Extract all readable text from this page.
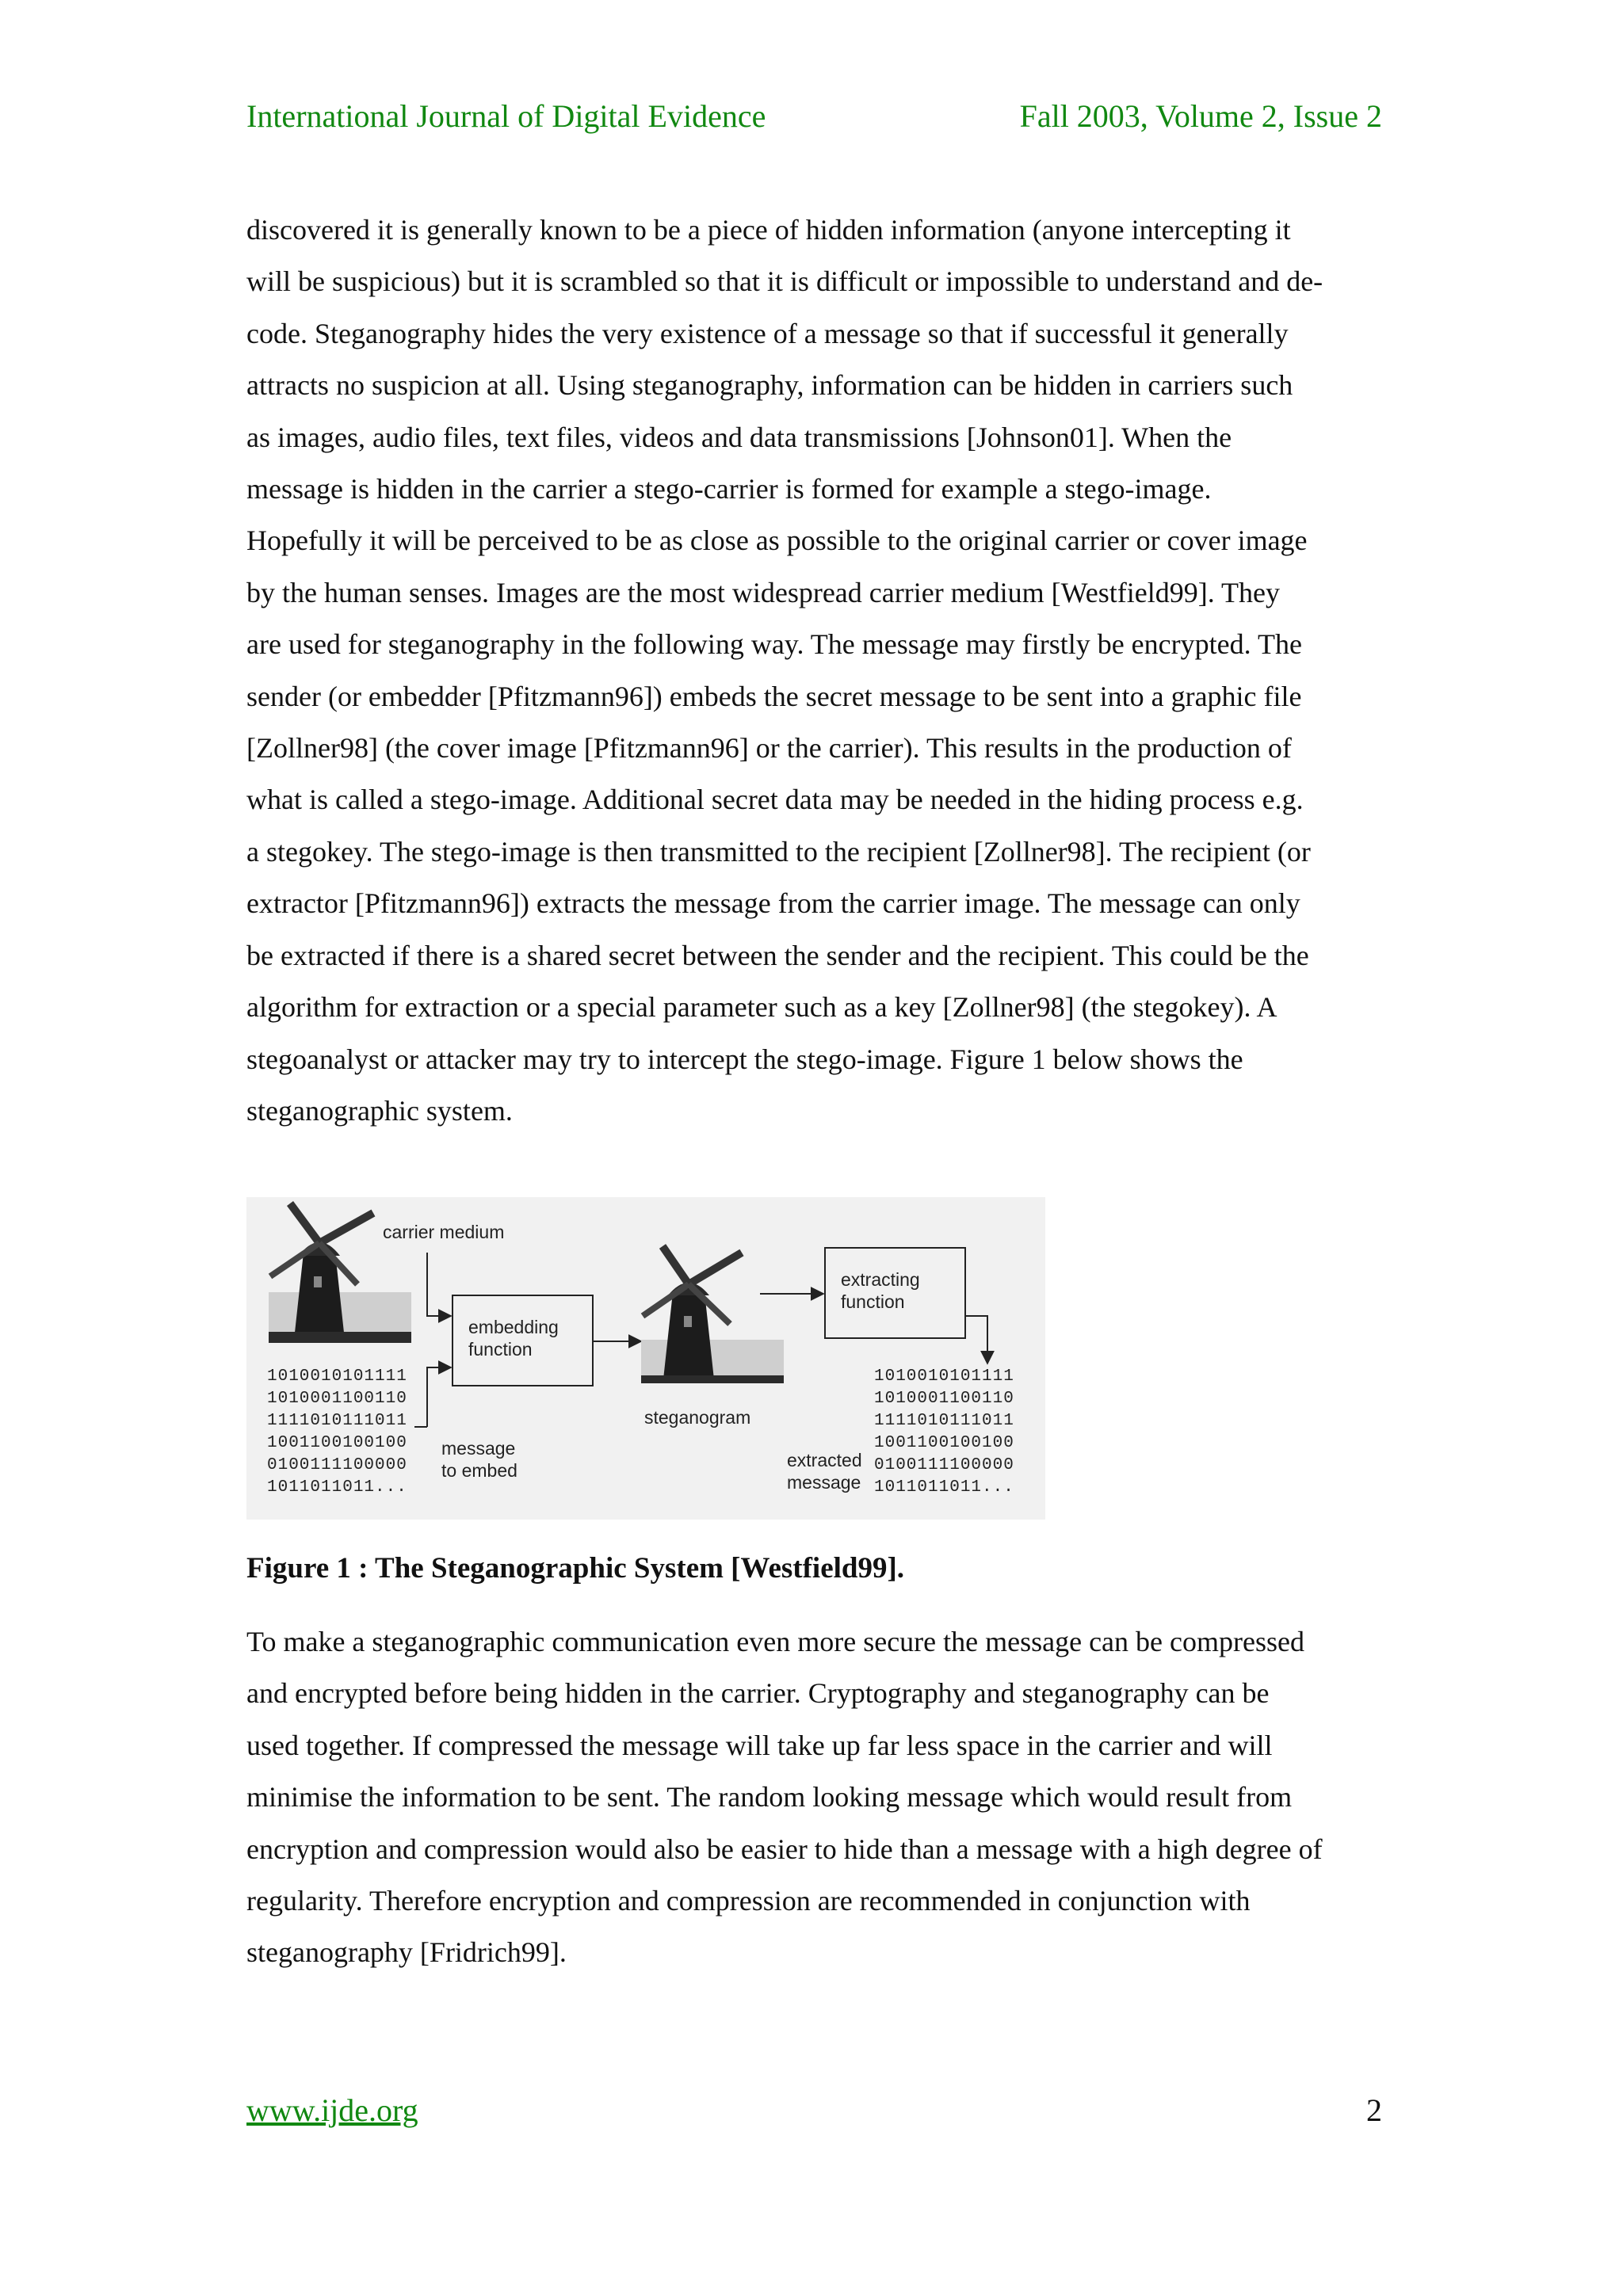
International Journal of Digital Evidence	Fall 2003, Volume 2, Issue 2

discovered it is generally known to be a piece of hidden information (anyone intercepting it
will be suspicious) but it is scrambled so that it is difficult or impossible to understand and de-
code. Steganography hides the very existence of a message so that if successful it generally
attracts no suspicion at all. Using steganography, information can be hidden in carriers such
as images, audio files, text files, videos and data transmissions [Johnson01]. When the
message is hidden in the carrier a stego-carrier is formed for example a stego-image.
Hopefully it will be perceived to be as close as possible to the original carrier or cover image
by the human senses. Images are the most widespread carrier medium [Westfield99]. They
are used for steganography in the following way. The message may firstly be encrypted. The
sender (or embedder [Pfitzmann96]) embeds the secret message to be sent into a graphic file
[Zollner98] (the cover image [Pfitzmann96] or the carrier). This results in the production of
what is called a stego-image. Additional secret data may be needed in the hiding process e.g.
a stegokey. The stego-image is then transmitted to the recipient [Zollner98]. The recipient (or
extractor [Pfitzmann96]) extracts the message from the carrier image. The message can only
be extracted if there is a shared secret between the sender and the recipient. This could be the
algorithm for extraction or a special parameter such as a key [Zollner98] (the stegokey). A
stegoanalyst or attacker may try to intercept the stego-image. Figure 1 below shows the
steganographic system.

carrier medium
1010010101111
1010001100110
1111010111011
1001100100100
0100111100000
1011011011...
message
to embed
embedding
function
steganogram
extracting
function
extracted
message
1010010101111
1010001100110
1111010111011
1001100100100
0100111100000
1011011011...
Figure 1 : The Steganographic System [Westfield99].

To make a steganographic communication even more secure the message can be compressed
and encrypted before being hidden in the carrier. Cryptography and steganography can be
used together. If compressed the message will take up far less space in the carrier and will
minimise the information to be sent. The random looking message which would result from
encryption and compression would also be easier to hide than a message with a high degree of
regularity. Therefore encryption and compression are recommended in conjunction with
steganography [Fridrich99].

www.ijde.org	2
